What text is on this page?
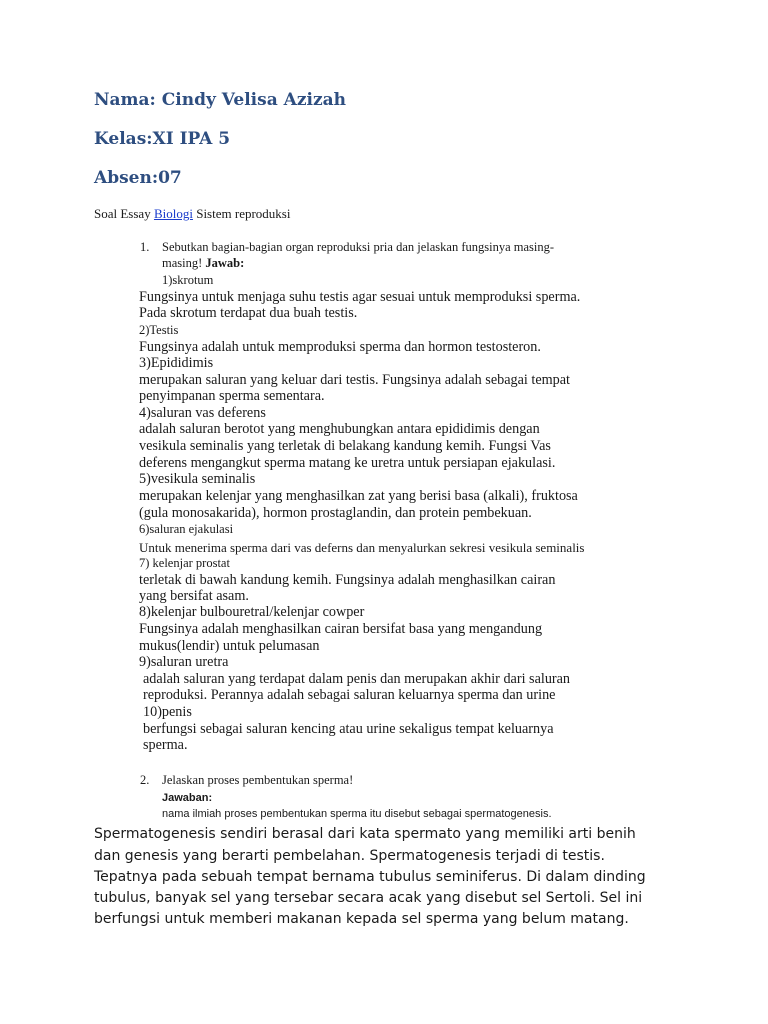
Nama: Cindy Velisa Azizah
Kelas:XI IPA 5
Absen:07
Soal Essay Biologi Sistem reproduksi
1. Sebutkan bagian-bagian organ reproduksi pria dan jelaskan fungsinya masing-
masing! Jawab:
1)skrotum
Fungsinya untuk menjaga suhu testis agar sesuai untuk memproduksi sperma.
Pada skrotum terdapat dua buah testis.
2)Testis
Fungsinya adalah untuk memproduksi sperma dan hormon testosteron.
3)Epididimis
merupakan saluran yang keluar dari testis. Fungsinya adalah sebagai tempat
penyimpanan sperma sementara.
4)saluran vas deferens
adalah saluran berotot yang menghubungkan antara epididimis dengan
vesikula seminalis yang terletak di belakang kandung kemih. Fungsi Vas
deferens mengangkut sperma matang ke uretra untuk persiapan ejakulasi.
5)vesikula seminalis
merupakan kelenjar yang menghasilkan zat yang berisi basa (alkali), fruktosa
(gula monosakarida), hormon prostaglandin, dan protein pembekuan.
6)saluran ejakulasi
Untuk menerima sperma dari vas deferns dan menyalurkan sekresi vesikula seminalis
7) kelenjar prostat
terletak di bawah kandung kemih. Fungsinya adalah menghasilkan cairan
yang bersifat asam.
8)kelenjar bulbouretral/kelenjar cowper
Fungsinya adalah menghasilkan cairan bersifat basa yang mengandung
mukus(lendir) untuk pelumasan
9)saluran uretra
adalah saluran yang terdapat dalam penis dan merupakan akhir dari saluran
reproduksi. Perannya adalah sebagai saluran keluarnya sperma dan urine
10)penis
berfungsi sebagai saluran kencing atau urine sekaligus tempat keluarnya
sperma.
2. Jelaskan proses pembentukan sperma!
Jawaban:
nama ilmiah proses pembentukan sperma itu disebut sebagai spermatogenesis.
Spermatogenesis sendiri berasal dari kata spermato yang memiliki arti benih
dan genesis yang berarti pembelahan. Spermatogenesis terjadi di testis.
Tepatnya pada sebuah tempat bernama tubulus seminiferus. Di dalam dinding
tubulus, banyak sel yang tersebar secara acak yang disebut sel Sertoli. Sel ini
berfungsi untuk memberi makanan kepada sel sperma yang belum matang.
